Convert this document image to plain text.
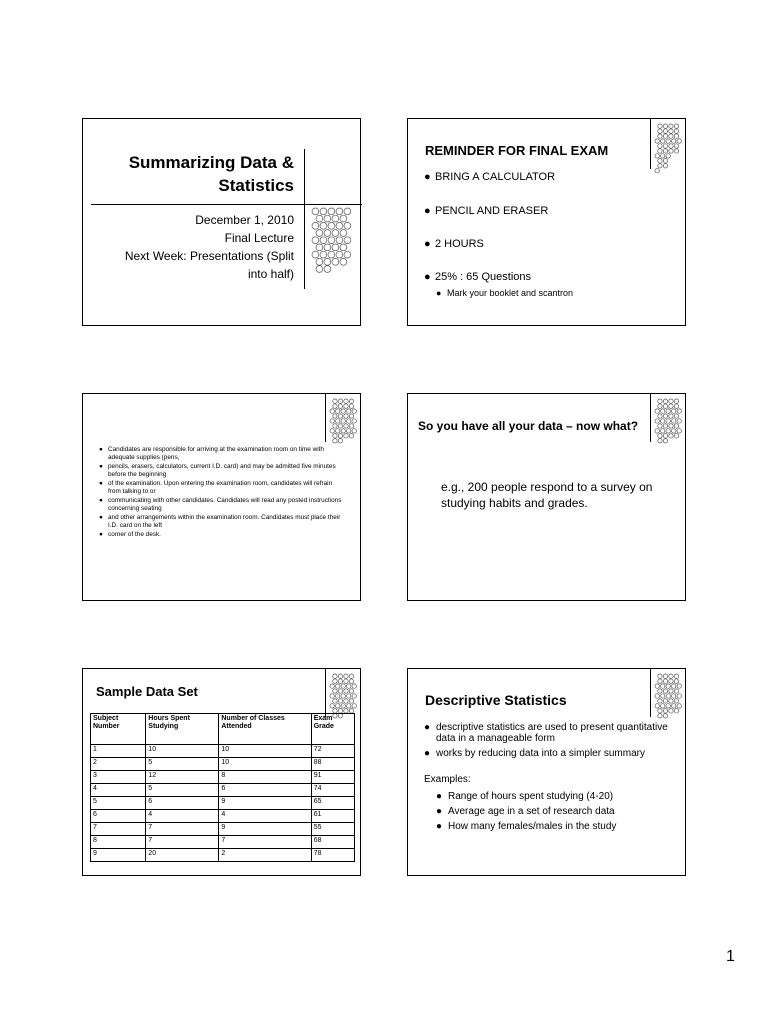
Summarizing Data &
Statistics
December 1, 2010
Final Lecture
Next Week: Presentations (Split
into half)
REMINDER FOR FINAL EXAM
● BRING A CALCULATOR
● PENCIL AND ERASER
● 2 HOURS
● 25% : 65 Questions
● Mark your booklet and scantron
● Candidates are responsible for arriving at the examination room on time with adequate supplies (pens,
● pencils, erasers, calculators, current I.D. card) and may be admitted five minutes before the beginning
● of the examination. Upon entering the examination room, candidates will refrain from talking to or
● communicating with other candidates. Candidates will read any posted instructions concerning seating
● and other arrangements within the examination room. Candidates must place their I.D. card on the left
● corner of the desk.
So you have all your data – now what?
e.g., 200 people respond to a survey on studying habits and grades.
Sample Data Set
Subject Number	Hours Spent Studying	Number of Classes Attended	Exam Grade
1	10	10	72
2	5	10	88
3	12	8	91
4	5	6	74
5	6	9	65
6	4	4	61
7	7	9	55
8	7	7	68
9	20	2	78
Descriptive Statistics
● descriptive statistics are used to present quantitative data in a manageable form
● works by reducing data into a simpler summary
Examples:
● Range of hours spent studying (4-20)
● Average age in a set of research data
● How many females/males in the study
1
